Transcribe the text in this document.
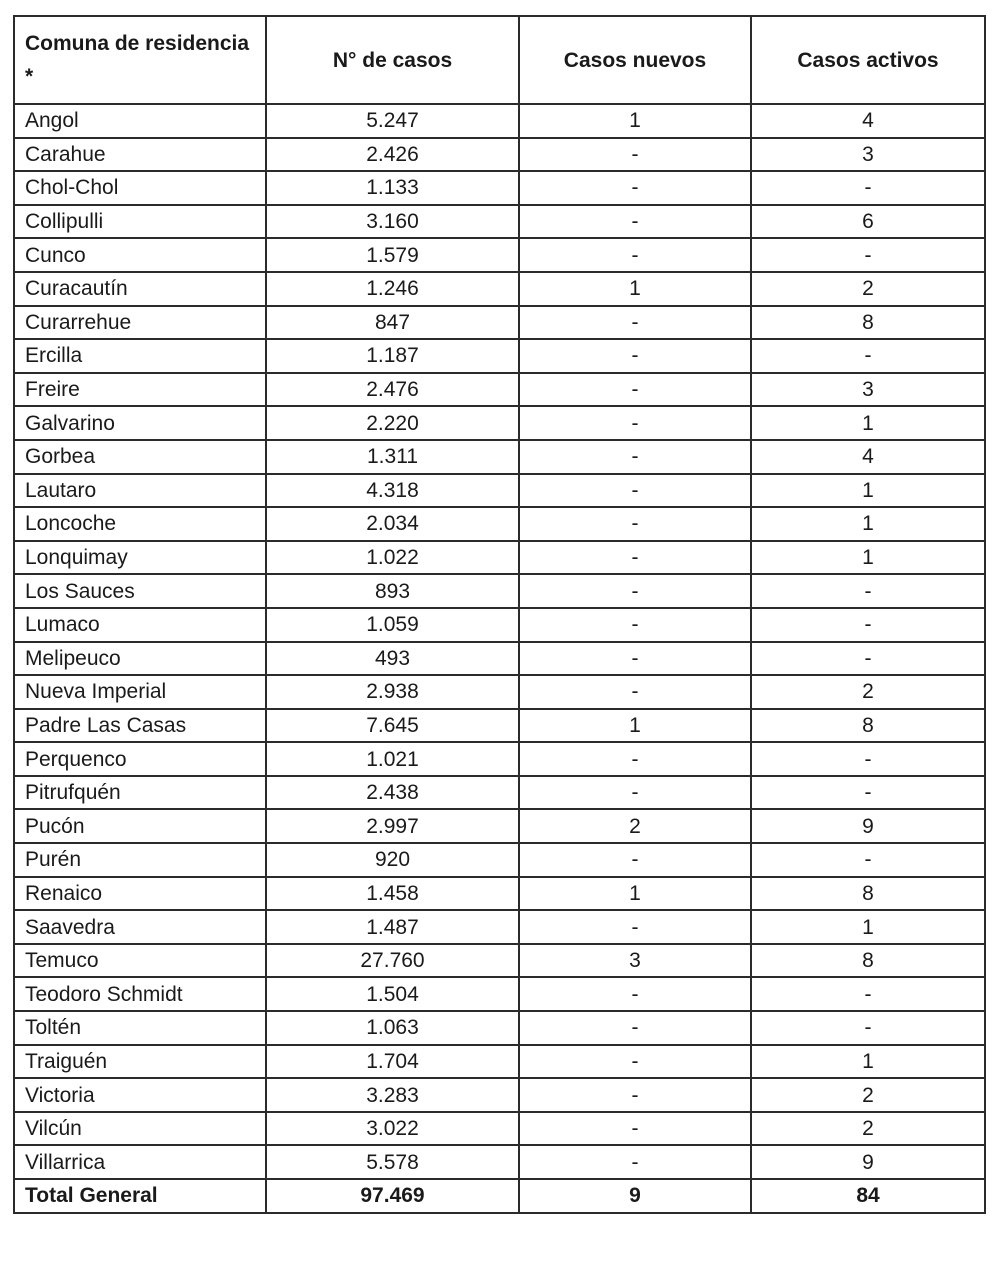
Comuna de residencia *	N° de casos	Casos nuevos	Casos activos
Angol	5.247	1	4
Carahue	2.426	-	3
Chol-Chol	1.133	-	-
Collipulli	3.160	-	6
Cunco	1.579	-	-
Curacautín	1.246	1	2
Curarrehue	847	-	8
Ercilla	1.187	-	-
Freire	2.476	-	3
Galvarino	2.220	-	1
Gorbea	1.311	-	4
Lautaro	4.318	-	1
Loncoche	2.034	-	1
Lonquimay	1.022	-	1
Los Sauces	893	-	-
Lumaco	1.059	-	-
Melipeuco	493	-	-
Nueva Imperial	2.938	-	2
Padre Las Casas	7.645	1	8
Perquenco	1.021	-	-
Pitrufquén	2.438	-	-
Pucón	2.997	2	9
Purén	920	-	-
Renaico	1.458	1	8
Saavedra	1.487	-	1
Temuco	27.760	3	8
Teodoro Schmidt	1.504	-	-
Toltén	1.063	-	-
Traiguén	1.704	-	1
Victoria	3.283	-	2
Vilcún	3.022	-	2
Villarrica	5.578	-	9
Total General	97.469	9	84
